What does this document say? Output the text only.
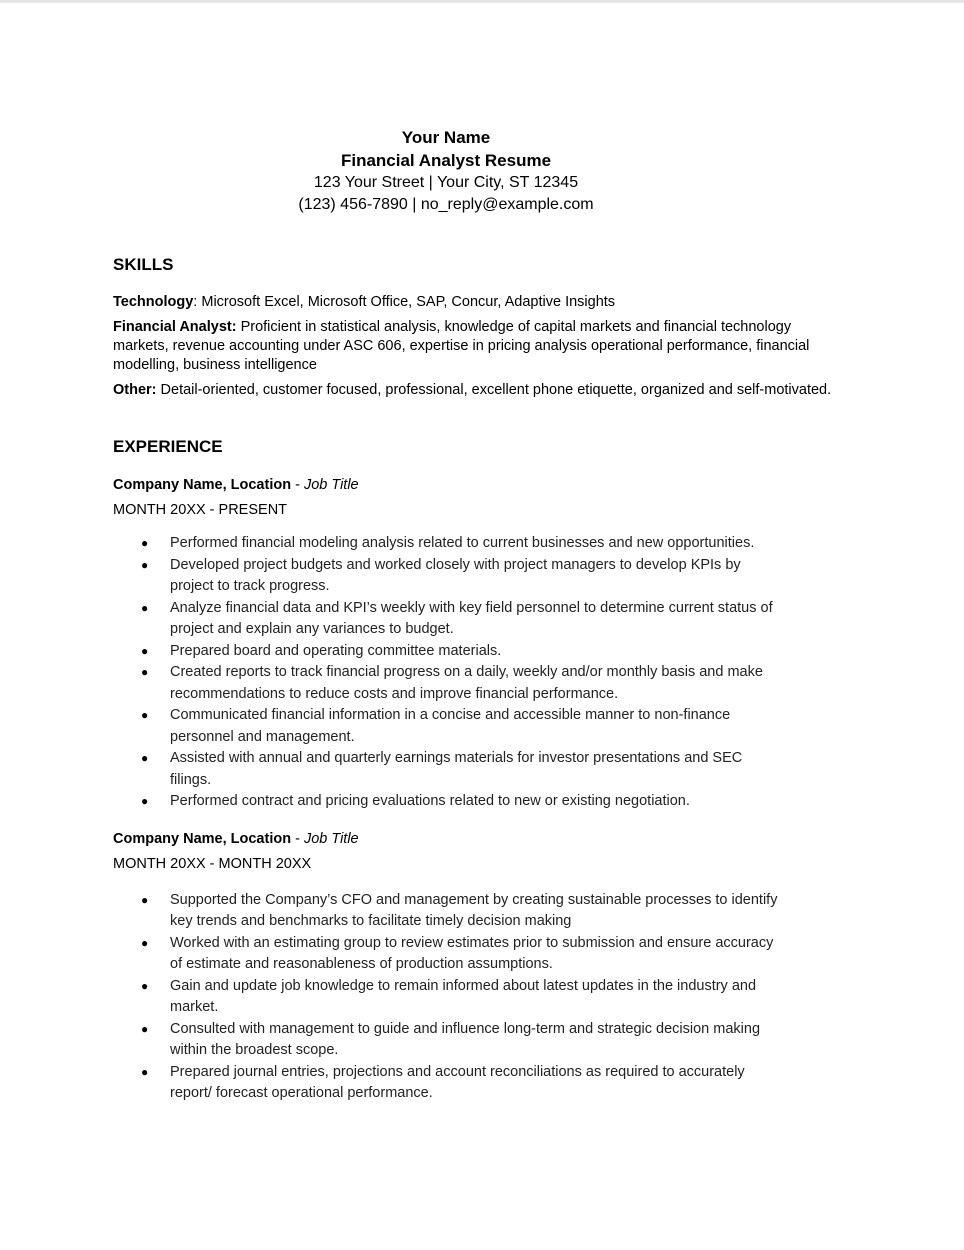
Your Name
Financial Analyst Resume
123 Your Street | Your City, ST 12345
(123) 456-7890 | no_reply@example.com
SKILLS
Technology: Microsoft Excel, Microsoft Office, SAP, Concur, Adaptive Insights
Financial Analyst: Proficient in statistical analysis, knowledge of capital markets and financial technology markets, revenue accounting under ASC 606, expertise in pricing analysis operational performance, financial modelling, business intelligence
Other: Detail-oriented, customer focused, professional, excellent phone etiquette, organized and self-motivated.
EXPERIENCE
Company Name, Location - Job Title
MONTH 20XX - PRESENT
● Performed financial modeling analysis related to current businesses and new opportunities.
● Developed project budgets and worked closely with project managers to develop KPIs by project to track progress.
● Analyze financial data and KPI’s weekly with key field personnel to determine current status of project and explain any variances to budget.
● Prepared board and operating committee materials.
● Created reports to track financial progress on a daily, weekly and/or monthly basis and make recommendations to reduce costs and improve financial performance.
● Communicated financial information in a concise and accessible manner to non-finance personnel and management.
● Assisted with annual and quarterly earnings materials for investor presentations and SEC filings.
● Performed contract and pricing evaluations related to new or existing negotiation.
Company Name, Location - Job Title
MONTH 20XX - MONTH 20XX
● Supported the Company’s CFO and management by creating sustainable processes to identify key trends and benchmarks to facilitate timely decision making
● Worked with an estimating group to review estimates prior to submission and ensure accuracy of estimate and reasonableness of production assumptions.
● Gain and update job knowledge to remain informed about latest updates in the industry and market.
● Consulted with management to guide and influence long-term and strategic decision making within the broadest scope.
● Prepared journal entries, projections and account reconciliations as required to accurately report/ forecast operational performance.
